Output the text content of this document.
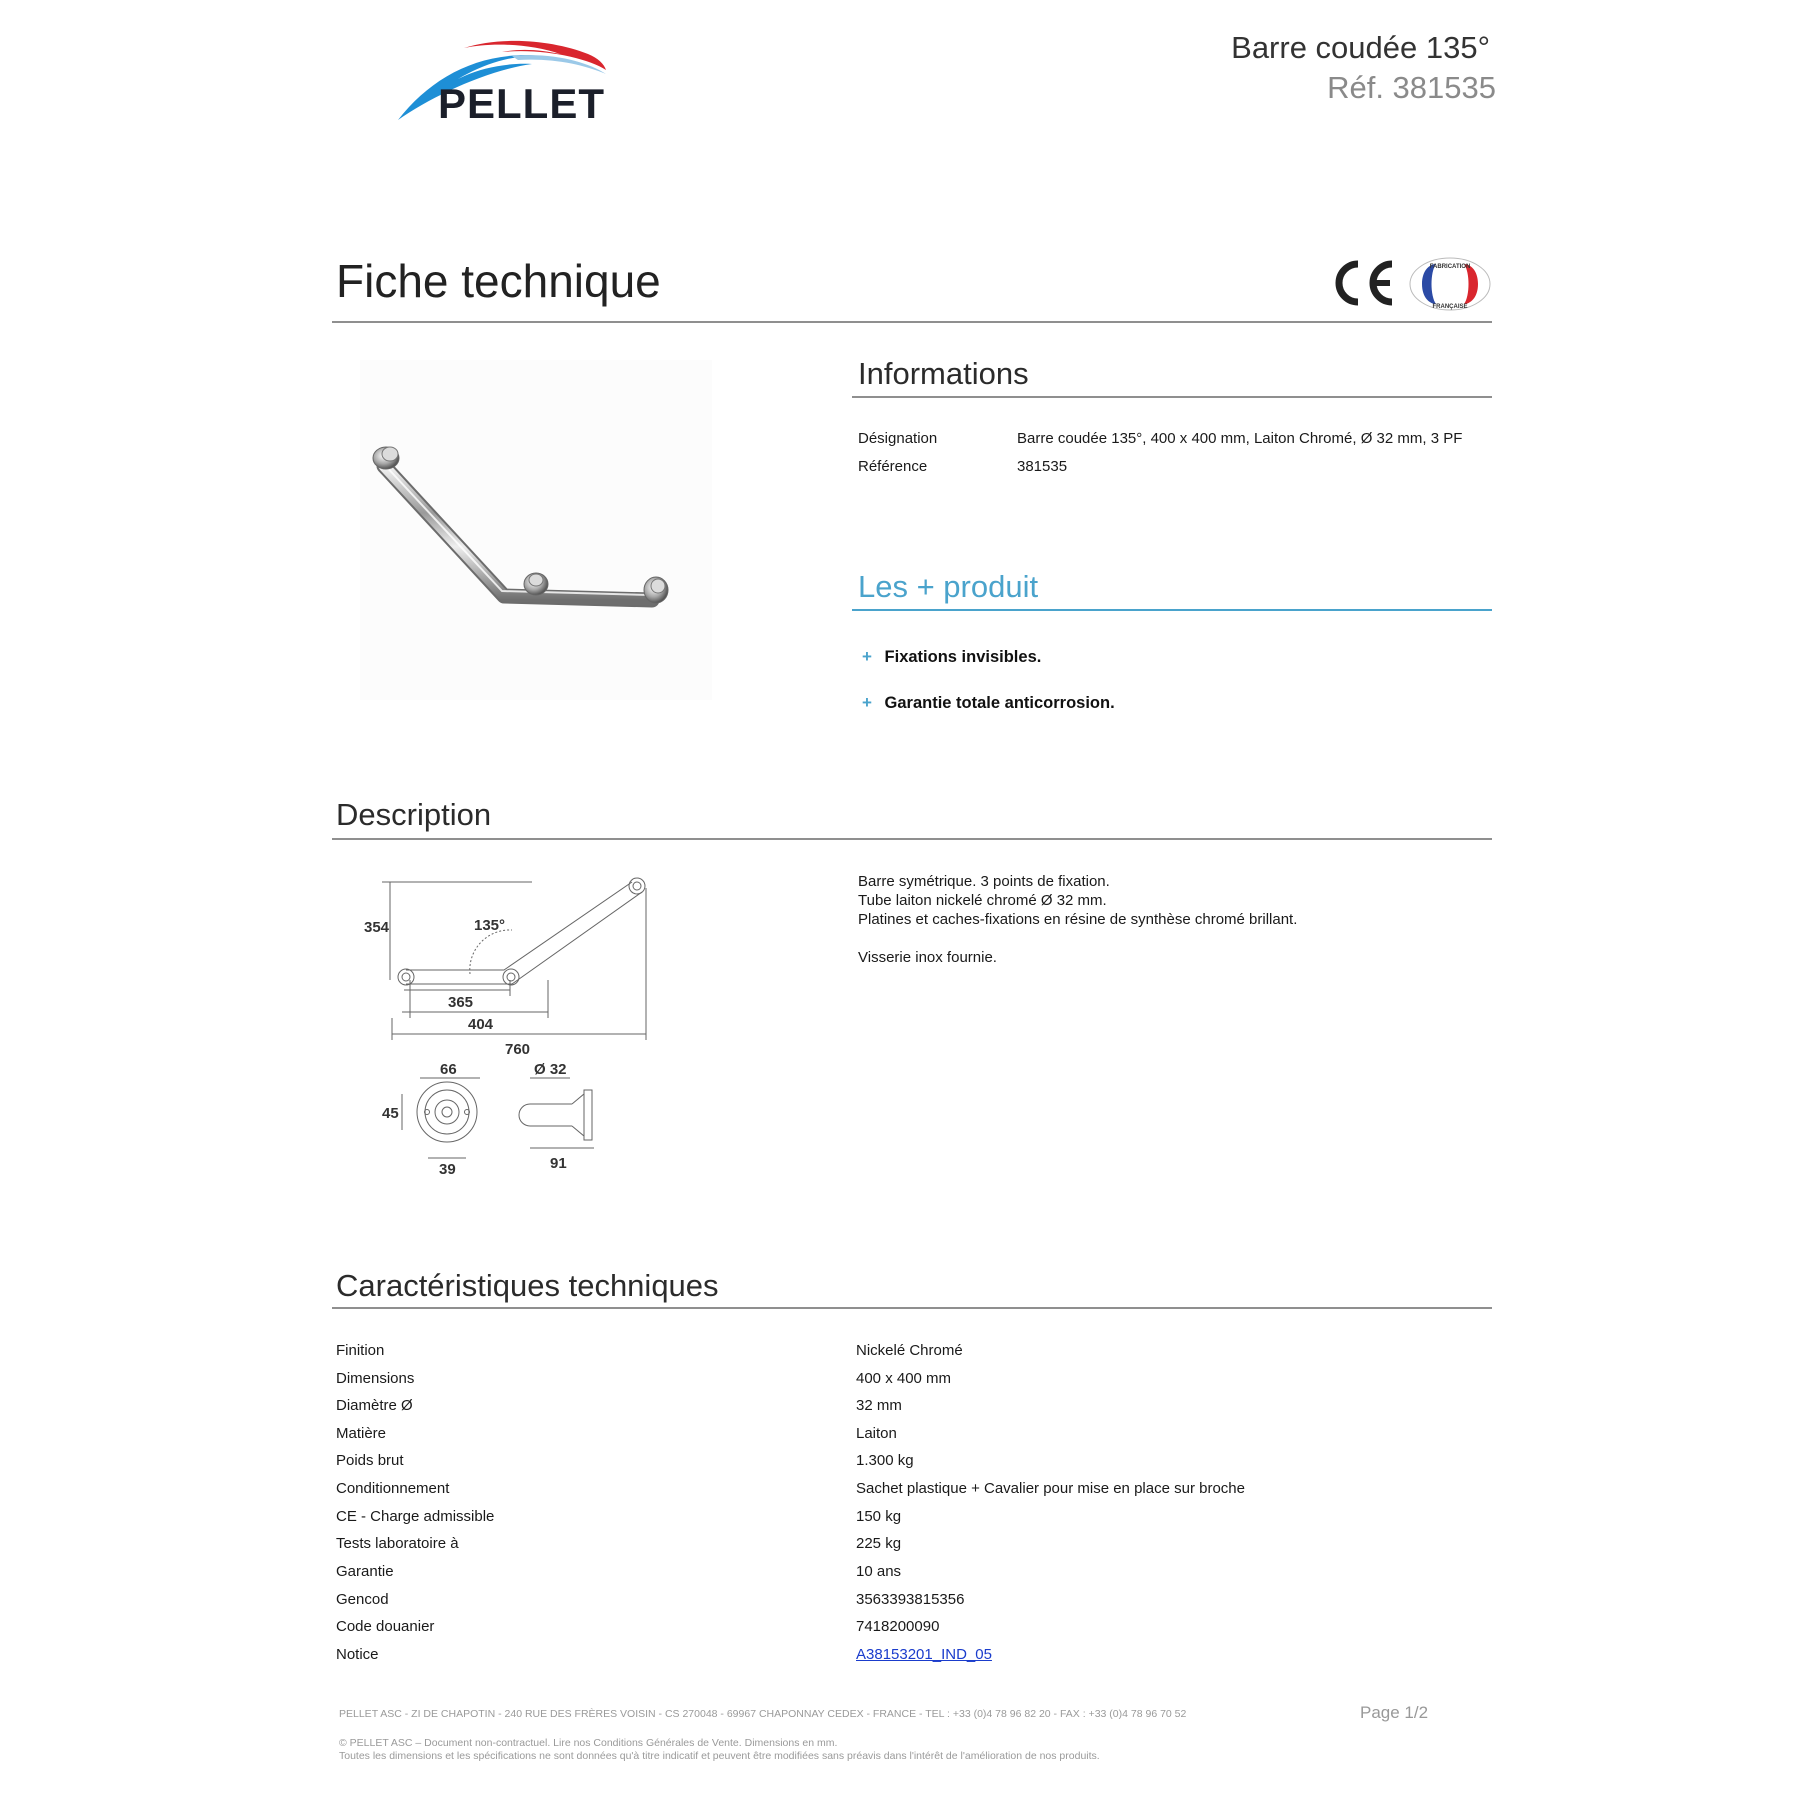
PELLET
Barre coudée 135°
Réf. 381535
Fiche technique	FABRICATION
FRANÇAISE
Informations
Désignation	Barre coudée 135°, 400 x 400 mm, Laiton Chromé, Ø 32 mm, 3 PF
Référence	381535
Les + produit
+ Fixations invisibles.
+ Garantie totale anticorrosion.
Description
354	135°
365
404
760
66
45
39
Ø 32
91
Barre symétrique. 3 points de fixation.
Tube laiton nickelé chromé Ø 32 mm.
Platines et caches-fixations en résine de synthèse chromé brillant.
Visserie inox fournie.
Caractéristiques techniques
Finition	Nickelé Chromé
Dimensions	400 x 400 mm
Diamètre Ø	32 mm
Matière	Laiton
Poids brut	1.300 kg
Conditionnement	Sachet plastique + Cavalier pour mise en place sur broche
CE - Charge admissible	150 kg
Tests laboratoire à	225 kg
Garantie	10 ans
Gencod	3563393815356
Code douanier	7418200090
Notice	A38153201_IND_05
PELLET ASC - ZI DE CHAPOTIN - 240 RUE DES FRÈRES VOISIN - CS 270048 - 69967 CHAPONNAY CEDEX - FRANCE - TEL : +33 (0)4 78 96 82 20 - FAX : +33 (0)4 78 96 70 52	Page 1/2
© PELLET ASC – Document non-contractuel. Lire nos Conditions Générales de Vente. Dimensions en mm.
Toutes les dimensions et les spécifications ne sont données qu'à titre indicatif et peuvent être modifiées sans préavis dans l'intérêt de l'amélioration de nos produits.
